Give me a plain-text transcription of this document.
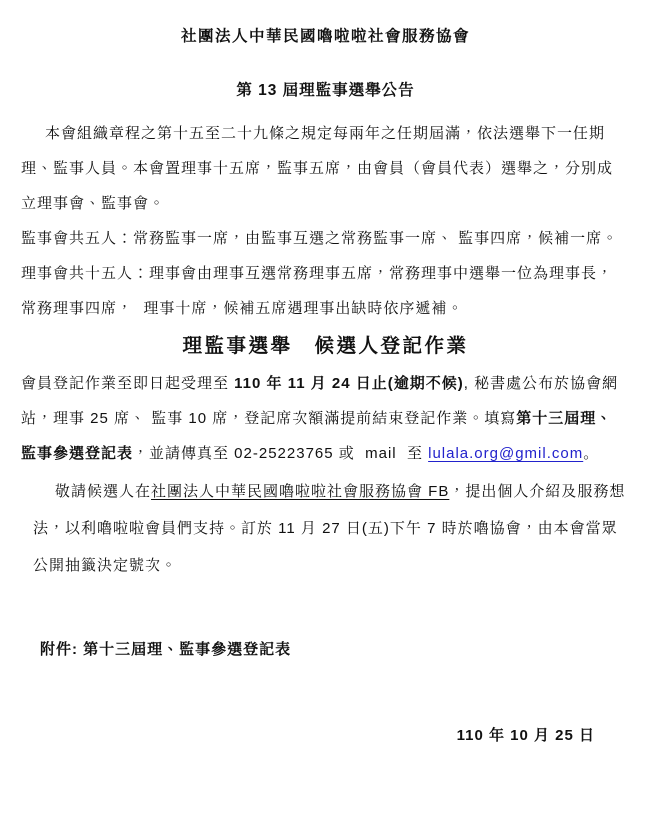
社團法人中華民國嚕啦啦社會服務協會
第 13 屆理監事選舉公告
本會組織章程之第十五至二十九條之規定每兩年之任期屆滿，依法選舉下一任期
理、監事人員。本會置理事十五席，監事五席，由會員（會員代表）選舉之，分別成
立理事會、監事會。
監事會共五人：常務監事一席，由監事互選之常務監事一席、 監事四席，候補一席。
理事會共十五人：理事會由理事互選常務理事五席，常務理事中選舉一位為理事長，
常務理事四席，  理事十席，候補五席遇理事出缺時依序遞補。
理監事選舉　候選人登記作業
會員登記作業至即日起受理至 110 年 11 月 24 日止(逾期不候), 秘書處公布於協會網
站，理事 25 席、 監事 10 席，登記席次額滿提前結束登記作業。填寫第十三屆理、
監事參選登記表，並請傳真至 02-25223765 或  mail  至 lulala.org@gmil.com。
敬請候選人在社團法人中華民國嚕啦啦社會服務協會 FB，提出個人介紹及服務想
法，以利嚕啦啦會員們支持。訂於 11 月 27 日(五)下午 7 時於嚕協會，由本會當眾
公開抽籤決定號次。
附件: 第十三屆理、監事參選登記表
110 年 10 月 25 日
